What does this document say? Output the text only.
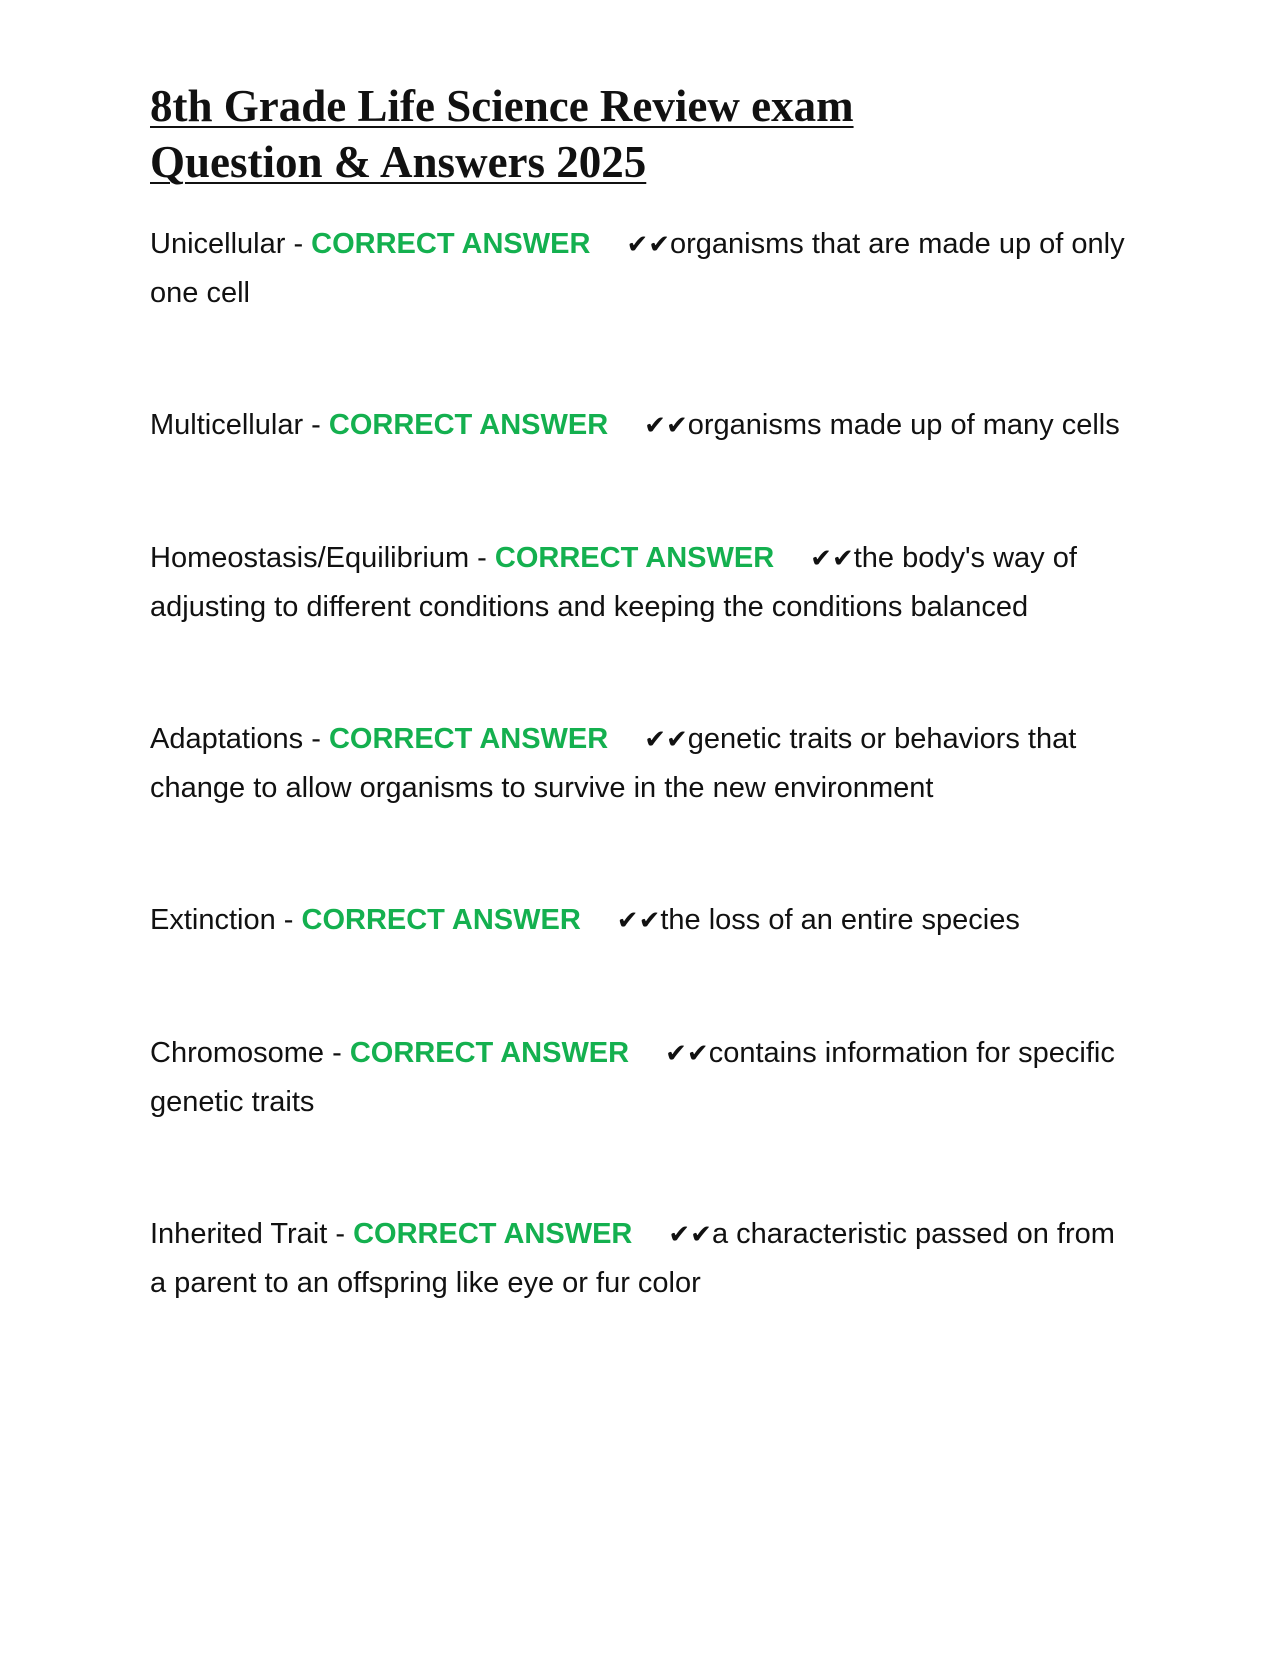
8th Grade Life Science Review exam
Question & Answers 2025

Unicellular - CORRECT ANSWER ✔✔organisms that are made up of only one cell

Multicellular - CORRECT ANSWER ✔✔organisms made up of many cells

Homeostasis/Equilibrium - CORRECT ANSWER ✔✔the body's way of adjusting to different conditions and keeping the conditions balanced

Adaptations - CORRECT ANSWER ✔✔genetic traits or behaviors that change to allow organisms to survive in the new environment

Extinction - CORRECT ANSWER ✔✔the loss of an entire species

Chromosome - CORRECT ANSWER ✔✔contains information for specific genetic traits

Inherited Trait - CORRECT ANSWER ✔✔a characteristic passed on from a parent to an offspring like eye or fur color
